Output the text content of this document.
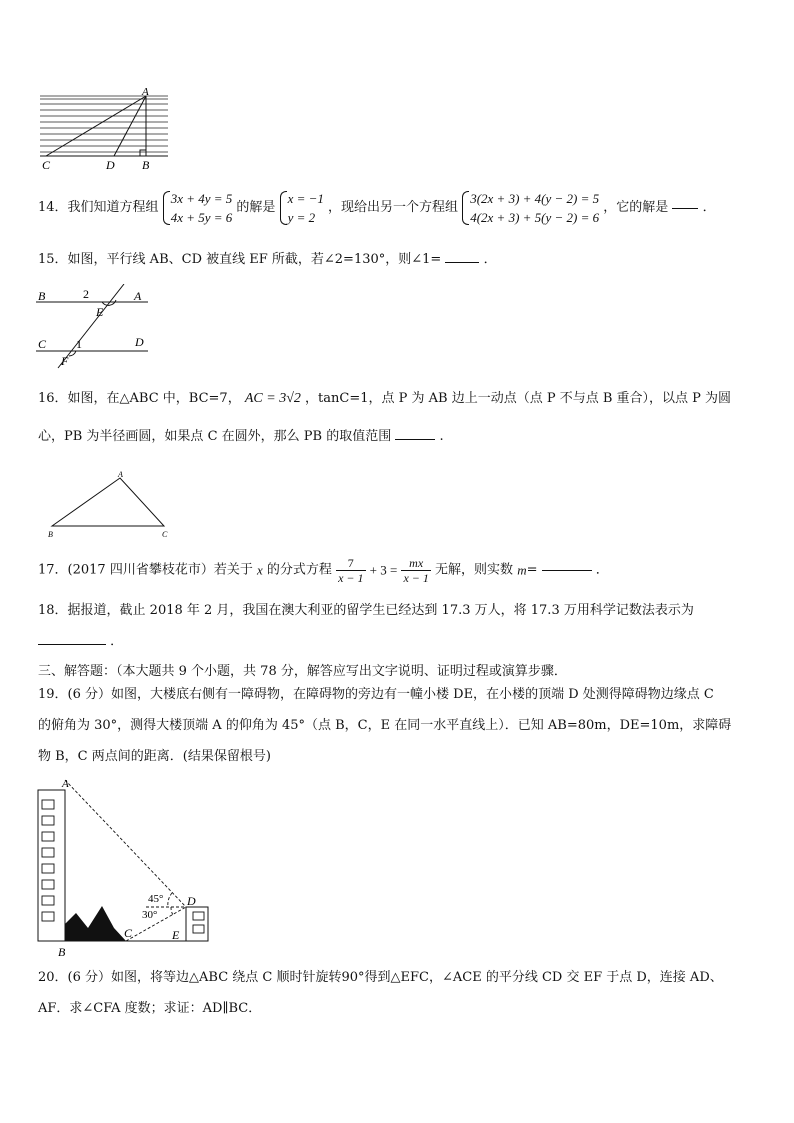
A
C	D B
14．我们知道方程组
3x + 4y = 5
4x + 5y = 6
的解是
x = −1
y = 2
，现给出另一个方程组
3(2x + 3) + 4(y − 2) = 5
4(2x + 3) + 5(y − 2) = 6
，它的解是	．
15．如图，平行线 AB、CD 被直线 EF 所截，若∠2=130°，则∠1=	．
B	A
2
E
C 1	D
F
16．如图，在△ABC 中，BC=7， AC = 3√2 ，tanC=1，点 P 为 AB 边上一动点（点 P 不与点 B 重合），以点 P 为圆
心，PB 为半径画圆，如果点 C 在圆外，那么 PB 的取值范围	.
A
B	C
17．(2017 四川省攀枝花市）若关于 x 的分式方程 $\frac{7}{x - 1} + 3 = \frac{mx}{x - 1}$ 无解，则实数 m=	．
18．据报道，截止 2018 年 2 月，我国在澳大利亚的留学生已经达到 17.3 万人，将 17.3 万用科学记数法表示为
．
三、解答题：（本大题共 9 个小题，共 78 分，解答应写出文字说明、证明过程或演算步骤．
19．(6 分）如图，大楼底右侧有一障碍物，在障碍物的旁边有一幢小楼 DE，在小楼的顶端 D 处测得障碍物边缘点 C
的俯角为 30°，测得大楼顶端 A 的仰角为 45°（点 B，C，E 在同一水平直线上）．已知 AB=80m，DE=10m，求障碍
物 B，C 两点间的距离．(结果保留根号)
A
B
C
D
E
45°
30°
20．(6 分）如图，将等边△ABC 绕点 C 顺时针旋转90°得到△EFC，∠ACE 的平分线 CD 交 EF 于点 D，连接 AD、
AF．求∠CFA 度数；求证：AD∥BC．
